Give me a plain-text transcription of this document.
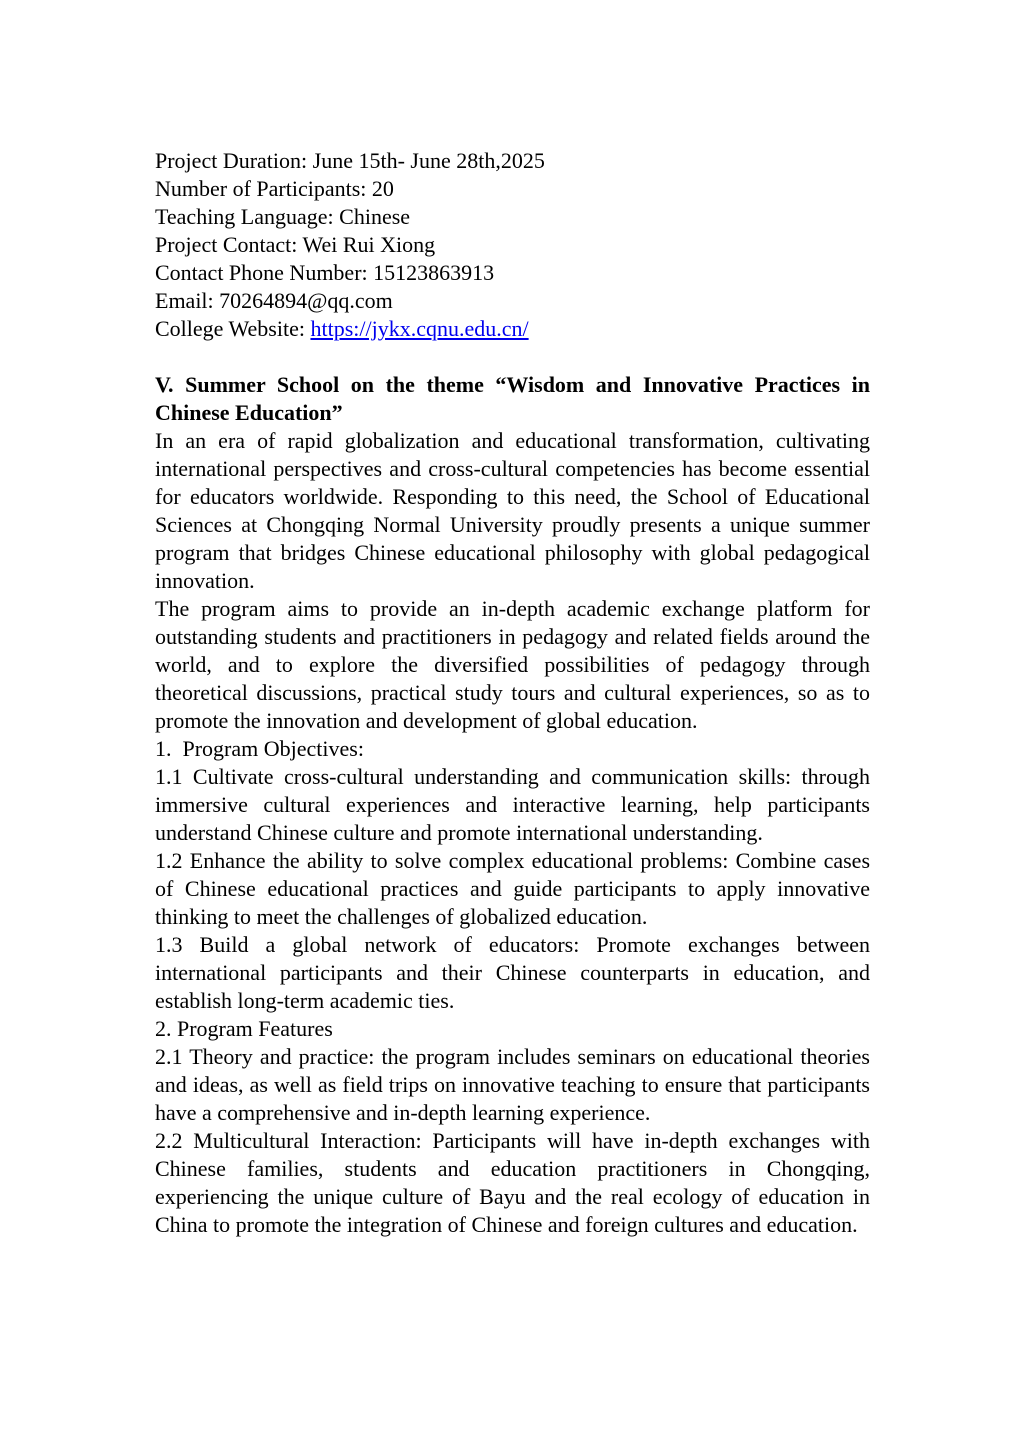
Project Duration: June 15th- June 28th,2025
Number of Participants: 20
Teaching Language: Chinese
Project Contact: Wei Rui Xiong
Contact Phone Number: 15123863913
Email: 70264894@qq.com
College Website: https://jykx.cqnu.edu.cn/
V. Summer School on the theme “Wisdom and Innovative Practices in Chinese Education”

In an era of rapid globalization and educational transformation, cultivating international perspectives and cross-cultural competencies has become essential for educators worldwide. Responding to this need, the School of Educational Sciences at Chongqing Normal University proudly presents a unique summer program that bridges Chinese educational philosophy with global pedagogical innovation.

The program aims to provide an in-depth academic exchange platform for outstanding students and practitioners in pedagogy and related fields around the world, and to explore the diversified possibilities of pedagogy through theoretical discussions, practical study tours and cultural experiences, so as to promote the innovation and development of global education.

1.  Program Objectives:

1.1 Cultivate cross-cultural understanding and communication skills: through immersive cultural experiences and interactive learning, help participants understand Chinese culture and promote international understanding.

1.2 Enhance the ability to solve complex educational problems: Combine cases of Chinese educational practices and guide participants to apply innovative thinking to meet the challenges of globalized education.

1.3 Build a global network of educators: Promote exchanges between international participants and their Chinese counterparts in education, and establish long-term academic ties.

2. Program Features

2.1 Theory and practice: the program includes seminars on educational theories and ideas, as well as field trips on innovative teaching to ensure that participants have a comprehensive and in-depth learning experience.

2.2 Multicultural Interaction: Participants will have in-depth exchanges with Chinese families, students and education practitioners in Chongqing, experiencing the unique culture of Bayu and the real ecology of education in China to promote the integration of Chinese and foreign cultures and education.
